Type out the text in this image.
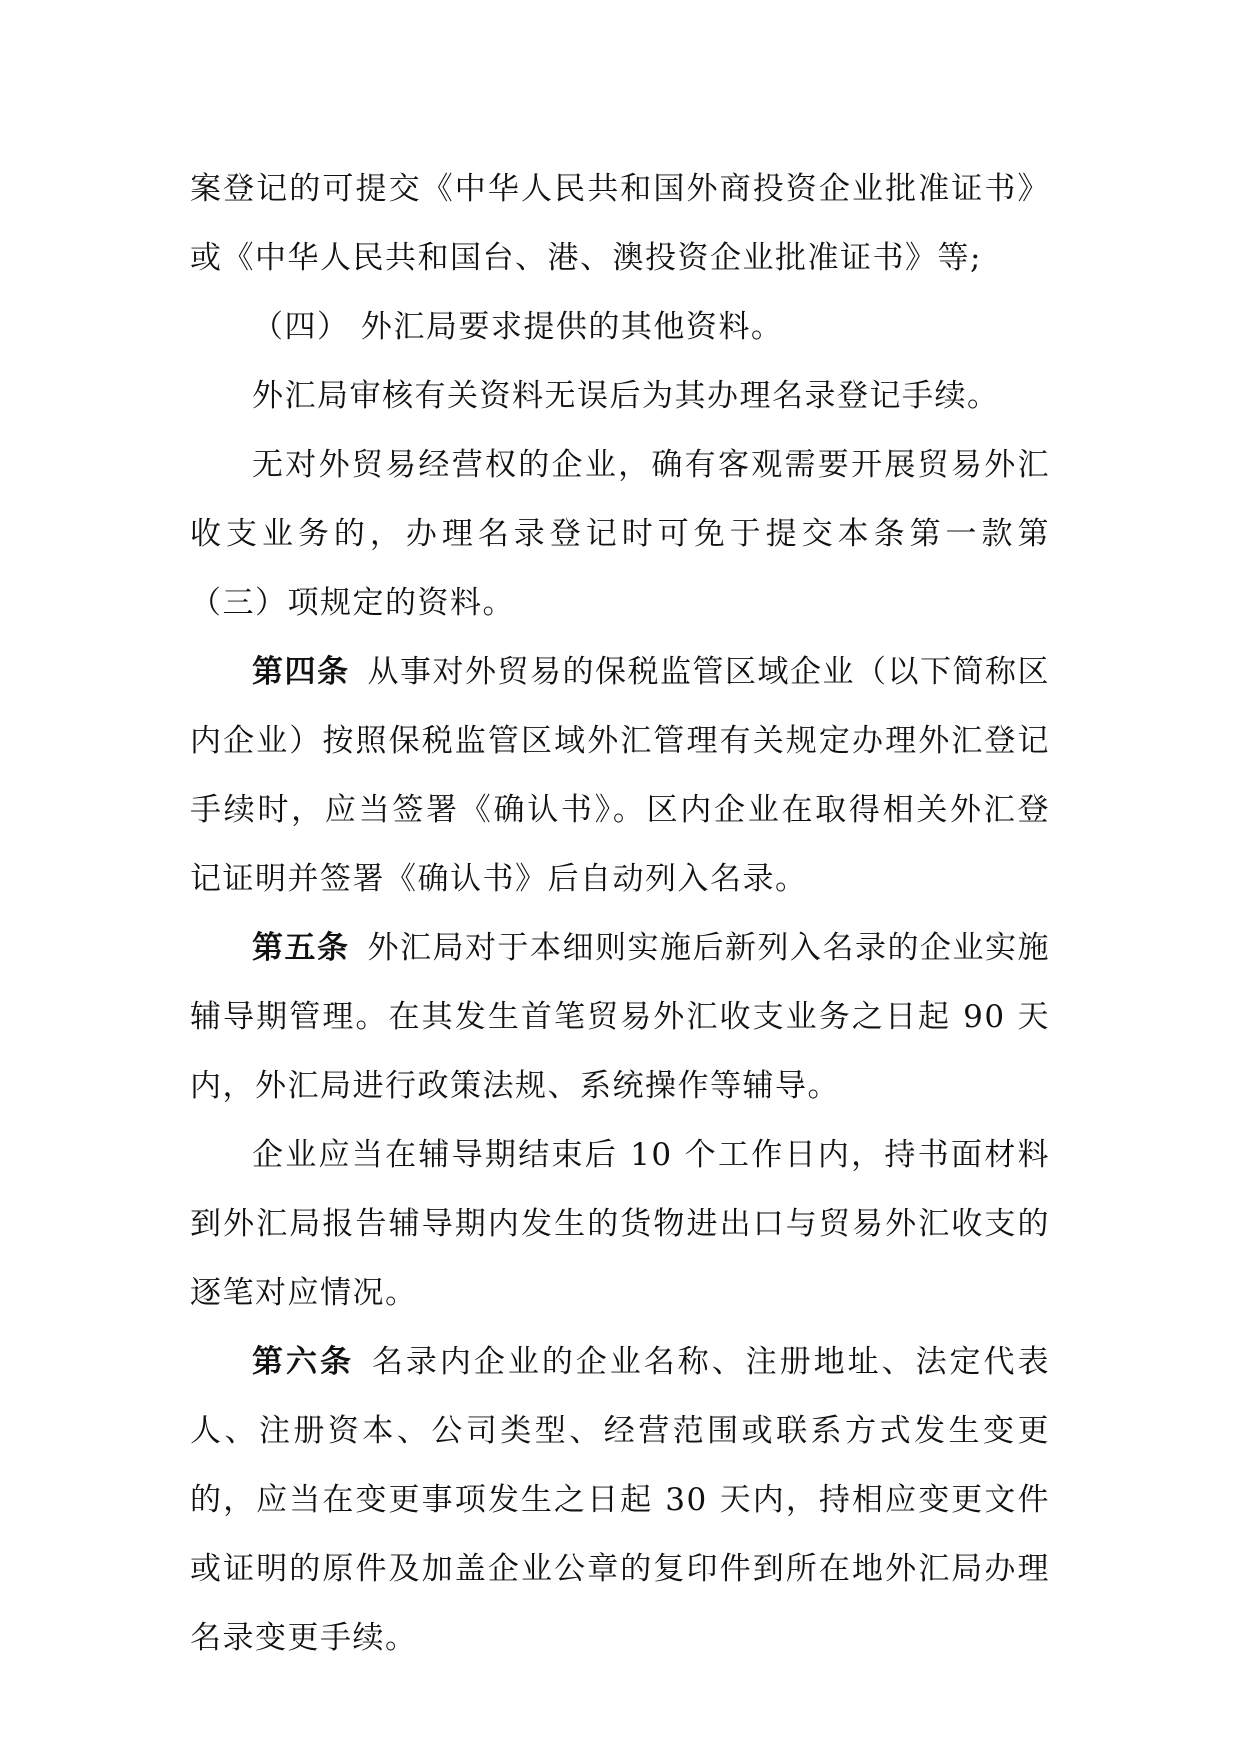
案登记的可提交《中华人民共和国外商投资企业批准证书》或《中华人民共和国台、港、澳投资企业批准证书》等;

（四） 外汇局要求提供的其他资料。

外汇局审核有关资料无误后为其办理名录登记手续。

无对外贸易经营权的企业，确有客观需要开展贸易外汇收支业务的，办理名录登记时可免于提交本条第一款第（三）项规定的资料。

第四条 从事对外贸易的保税监管区域企业（以下简称区内企业）按照保税监管区域外汇管理有关规定办理外汇登记手续时，应当签署《确认书》。区内企业在取得相关外汇登记证明并签署《确认书》后自动列入名录。

第五条 外汇局对于本细则实施后新列入名录的企业实施辅导期管理。在其发生首笔贸易外汇收支业务之日起 90 天内，外汇局进行政策法规、系统操作等辅导。

企业应当在辅导期结束后 10 个工作日内，持书面材料到外汇局报告辅导期内发生的货物进出口与贸易外汇收支的逐笔对应情况。

第六条 名录内企业的企业名称、注册地址、法定代表人、注册资本、公司类型、经营范围或联系方式发生变更的，应当在变更事项发生之日起 30 天内，持相应变更文件或证明的原件及加盖企业公章的复印件到所在地外汇局办理名录变更手续。
